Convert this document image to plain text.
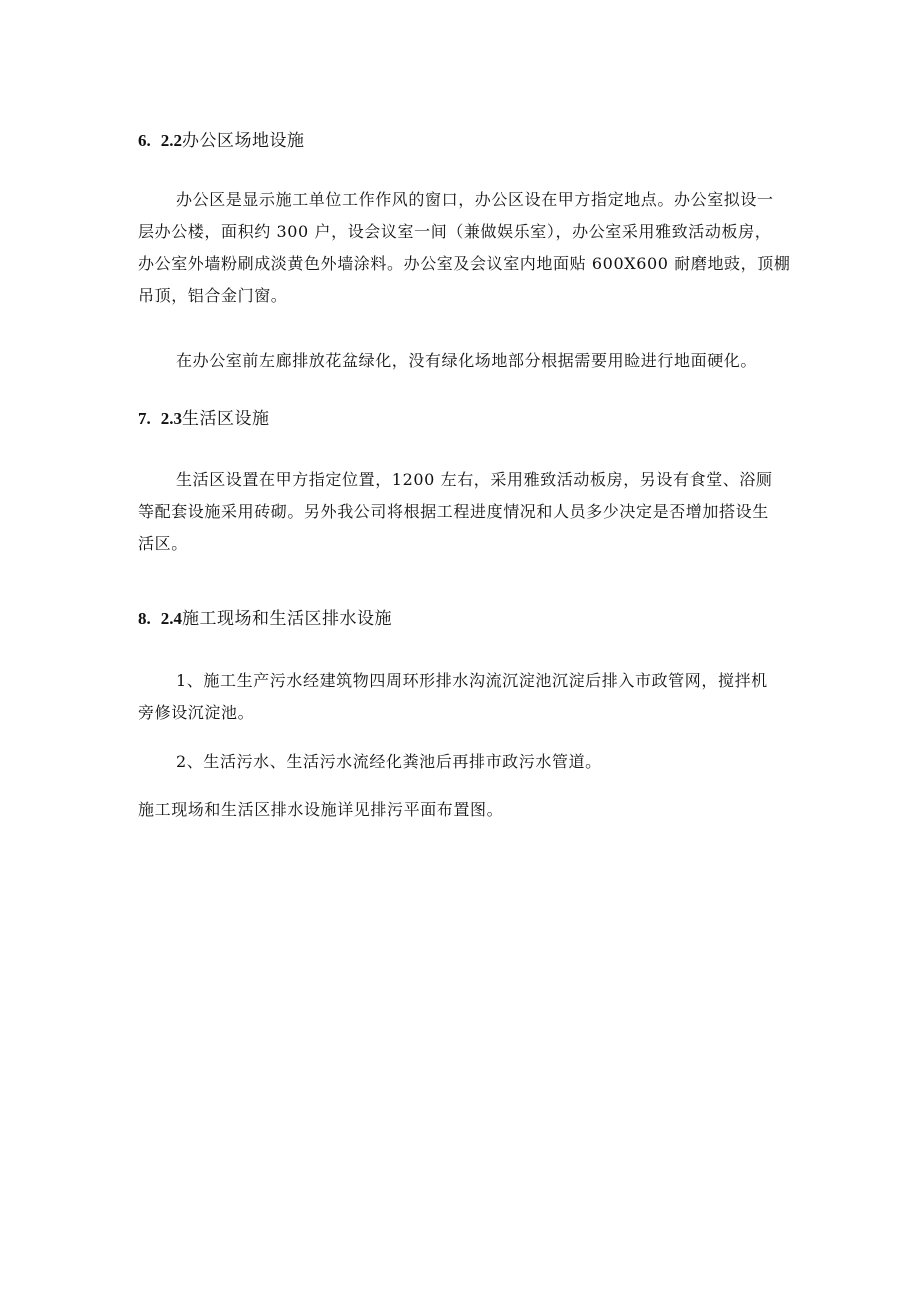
6. 2.2办公区场地设施
办公区是显示施工单位工作作风的窗口，办公区设在甲方指定地点。办公室拟设一
层办公楼，面积约 300 户，设会议室一间（兼做娱乐室），办公室采用雅致活动板房，
办公室外墙粉刷成淡黄色外墙涂料。办公室及会议室内地面贴 600X600 耐磨地豉，顶棚
吊顶，铝合金门窗。
在办公室前左廊排放花盆绿化，没有绿化场地部分根据需要用睑进行地面硬化。
7. 2.3生活区设施
生活区设置在甲方指定位置，1200 左右，采用雅致活动板房，另设有食堂、浴厕
等配套设施采用砖砌。另外我公司将根据工程进度情况和人员多少决定是否增加搭设生
活区。
8. 2.4施工现场和生活区排水设施
1、施工生产污水经建筑物四周环形排水沟流沉淀池沉淀后排入市政管网，搅拌机
旁修设沉淀池。
2、生活污水、生活污水流经化粪池后再排市政污水管道。
施工现场和生活区排水设施详见排污平面布置图。
